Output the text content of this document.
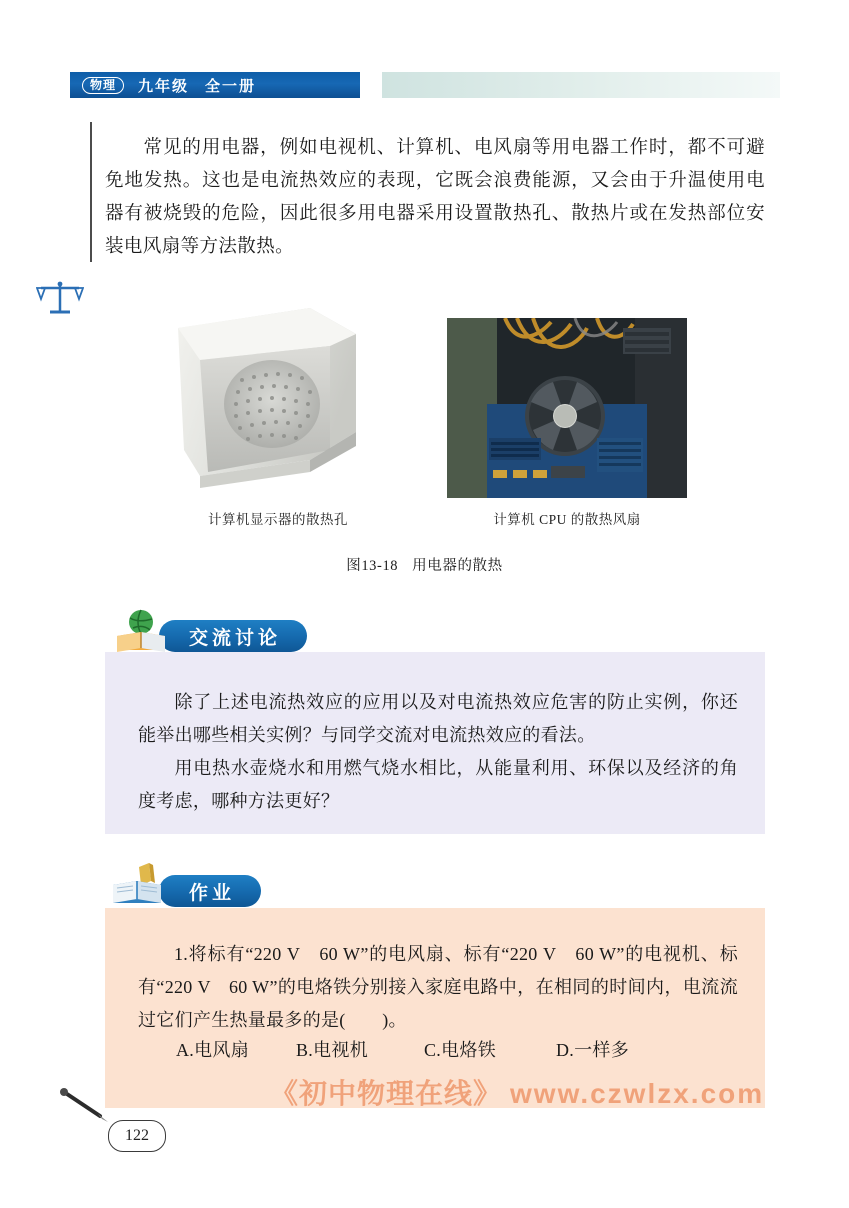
物理	九年级 全一册
常见的用电器，例如电视机、计算机、电风扇等用电器工作时，都不可避免地发热。这也是电流热效应的表现，它既会浪费能源，又会由于升温使用电器有被烧毁的危险，因此很多用电器采用设置散热孔、散热片或在发热部位安装电风扇等方法散热。
计算机显示器的散热孔	计算机 CPU 的散热风扇
图13-18 用电器的散热
交流讨论
除了上述电流热效应的应用以及对电流热效应危害的防止实例，你还能举出哪些相关实例？与同学交流对电流热效应的看法。
用电热水壶烧水和用燃气烧水相比，从能量利用、环保以及经济的角度考虑，哪种方法更好？
作业
1.将标有“220 V　60 W”的电风扇、标有“220 V　60 W”的电视机、标有“220 V　60 W”的电烙铁分别接入家庭电路中，在相同的时间内，电流流过它们产生热量最多的是(　　)。
A.电风扇	B.电视机	C.电烙铁	D.一样多
《初中物理在线》 www.czwlzx.com
122
